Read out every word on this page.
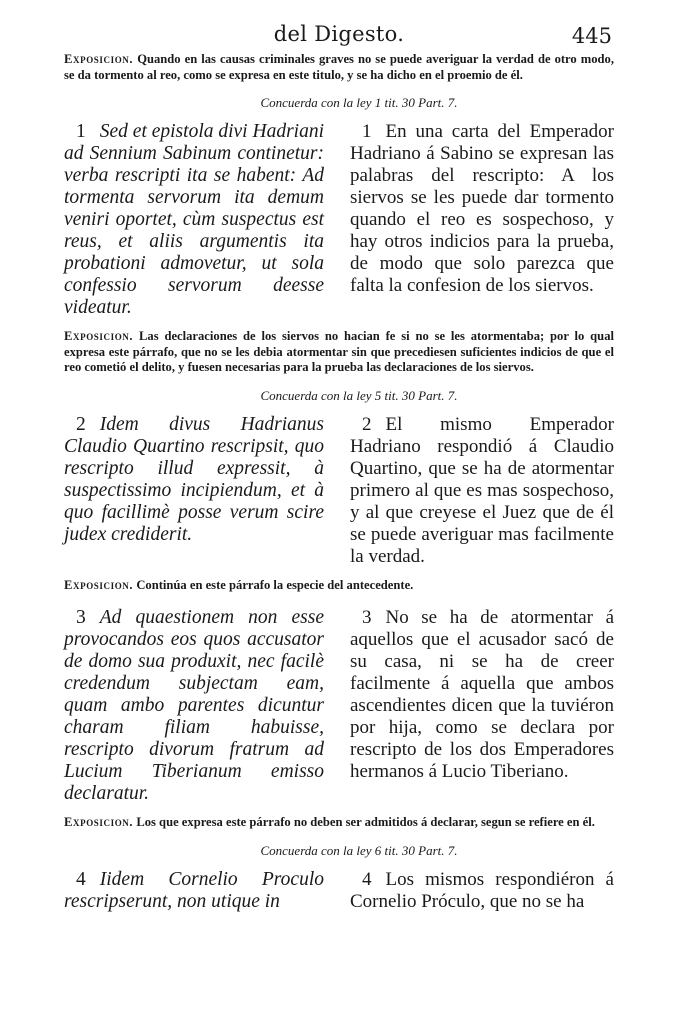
del Digesto.	445

Exposicion. Quando en las causas criminales graves no se puede averiguar la verdad de otro modo, se da tormento al reo, como se expresa en este titulo, y se ha dicho en el proemio de él.

Concuerda con la ley 1 tit. 30 Part. 7.
1 Sed et epistola divi Hadriani ad Sennium Sabinum continetur: verba rescripti ita se habent: Ad tormenta servorum ita demum veniri oportet, cùm suspectus est reus, et aliis argumentis ita probationi admovetur, ut sola confessio servorum deesse videatur.
1 En una carta del Emperador Hadriano á Sabino se expresan las palabras del rescripto: A los siervos se les puede dar tormento quando el reo es sospechoso, y hay otros indicios para la prueba, de modo que solo parezca que falta la confesion de los siervos.

Exposicion. Las declaraciones de los siervos no hacian fe si no se les atormentaba; por lo qual expresa este párrafo, que no se les debia atormentar sin que precediesen suficientes indicios de que el reo cometió el delito, y fuesen necesarias para la prueba las declaraciones de los siervos.

Concuerda con la ley 5 tit. 30 Part. 7.
2 Idem divus Hadrianus Claudio Quartino rescripsit, quo rescripto illud expressit, à suspectissimo incipiendum, et à quo facillimè posse verum scire judex crediderit.
2 El mismo Emperador Hadriano respondió á Claudio Quartino, que se ha de atormentar primero al que es mas sospechoso, y al que creyese el Juez que de él se puede averiguar mas facilmente la verdad.

Exposicion. Continúa en este párrafo la especie del antecedente.

3 Ad quaestionem non esse provocandos eos quos accusator de domo sua produxit, nec facilè credendum subjectam eam, quam ambo parentes dicuntur charam filiam habuisse, rescripto divorum fratrum ad Lucium Tiberianum emisso declaratur.
3 No se ha de atormentar á aquellos que el acusador sacó de su casa, ni se ha de creer facilmente á aquella que ambos ascendientes dicen que la tuviéron por hija, como se declara por rescripto de los dos Emperadores hermanos á Lucio Tiberiano.

Exposicion. Los que expresa este párrafo no deben ser admitidos á declarar, segun se refiere en él.

Concuerda con la ley 6 tit. 30 Part. 7.
4 Iidem Cornelio Proculo rescripserunt, non utique in
4 Los mismos respondiéron á Cornelio Próculo, que no se ha
